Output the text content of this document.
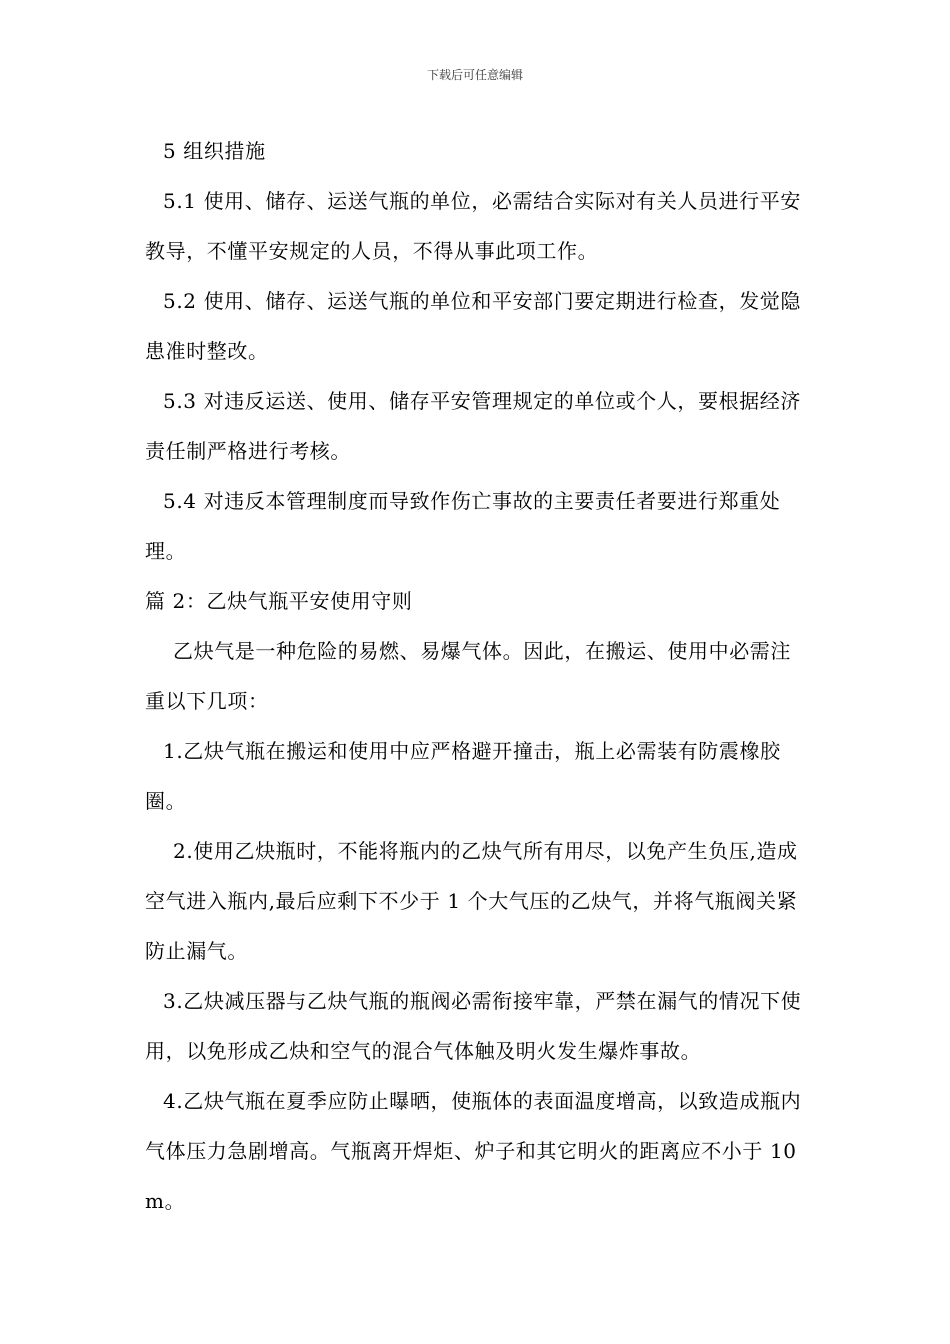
下载后可任意编辑

5 组织措施

5.1 使用、储存、运送气瓶的单位，必需结合实际对有关人员进行平安教导，不懂平安规定的人员，不得从事此项工作。

5.2 使用、储存、运送气瓶的单位和平安部门要定期进行检查，发觉隐患准时整改。

5.3 对违反运送、使用、储存平安管理规定的单位或个人，要根据经济责任制严格进行考核。

5.4 对违反本管理制度而导致作伤亡事故的主要责任者要进行郑重处理。

篇 2：乙炔气瓶平安使用守则

乙炔气是一种危险的易燃、易爆气体。因此，在搬运、使用中必需注重以下几项：

1.乙炔气瓶在搬运和使用中应严格避开撞击，瓶上必需装有防震橡胶圈。

2.使用乙炔瓶时，不能将瓶内的乙炔气所有用尽，以免产生负压,造成空气进入瓶内,最后应剩下不少于 1 个大气压的乙炔气，并将气瓶阀关紧防止漏气。

3.乙炔减压器与乙炔气瓶的瓶阀必需衔接牢靠，严禁在漏气的情况下使用，以免形成乙炔和空气的混合气体触及明火发生爆炸事故。

4.乙炔气瓶在夏季应防止曝晒，使瓶体的表面温度增高，以致造成瓶内气体压力急剧增高。气瓶离开焊炬、炉子和其它明火的距离应不小于 10m。
